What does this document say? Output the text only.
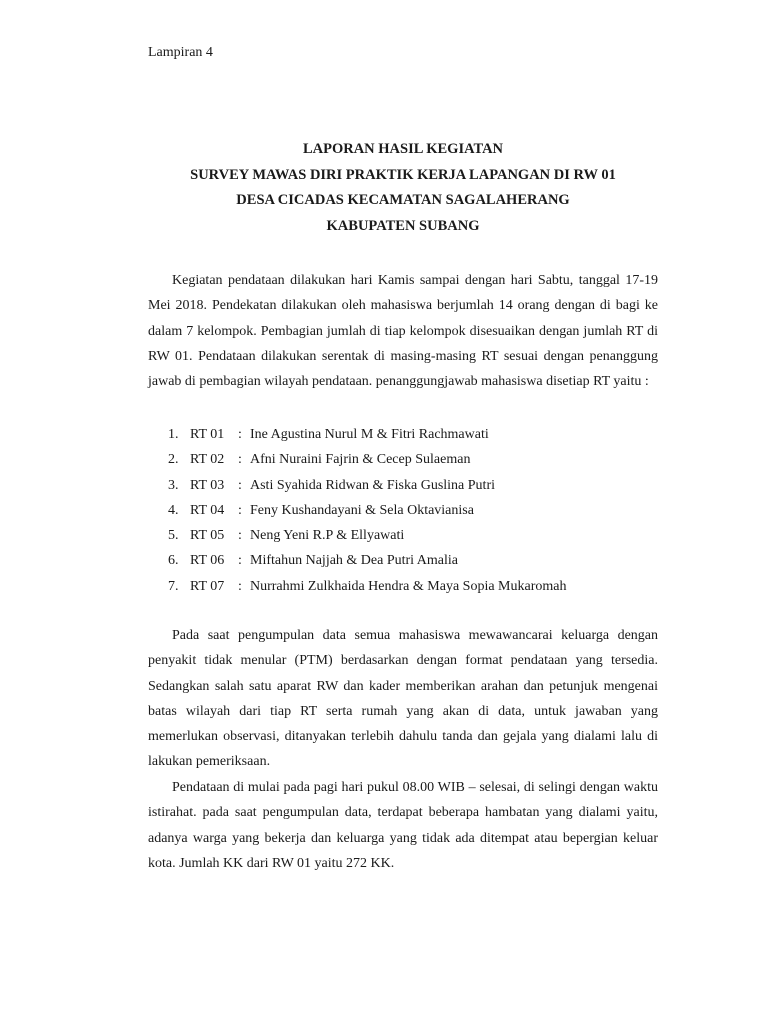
Lampiran 4
LAPORAN HASIL KEGIATAN
SURVEY MAWAS DIRI PRAKTIK KERJA LAPANGAN DI RW 01
DESA CICADAS KECAMATAN SAGALAHERANG
KABUPATEN SUBANG

Kegiatan pendataan dilakukan hari Kamis sampai dengan hari Sabtu, tanggal 17-19 Mei 2018. Pendekatan dilakukan oleh mahasiswa berjumlah 14 orang dengan di bagi ke dalam 7 kelompok. Pembagian jumlah di tiap kelompok disesuaikan dengan jumlah RT di RW 01. Pendataan dilakukan serentak di masing-masing RT sesuai dengan penanggung jawab di pembagian wilayah pendataan. penanggungjawab mahasiswa disetiap RT yaitu :

1. RT 01 : Ine Agustina Nurul M & Fitri Rachmawati
2. RT 02 : Afni Nuraini Fajrin & Cecep Sulaeman
3. RT 03 : Asti Syahida Ridwan & Fiska Guslina Putri
4. RT 04 : Feny Kushandayani & Sela Oktavianisa
5. RT 05 : Neng Yeni R.P & Ellyawati
6. RT 06 : Miftahun Najjah & Dea Putri Amalia
7. RT 07 : Nurrahmi Zulkhaida Hendra & Maya Sopia Mukaromah

Pada saat pengumpulan data semua mahasiswa mewawancarai keluarga dengan penyakit tidak menular (PTM) berdasarkan dengan format pendataan yang tersedia. Sedangkan salah satu aparat RW dan kader memberikan arahan dan petunjuk mengenai batas wilayah dari tiap RT serta rumah yang akan di data, untuk jawaban yang memerlukan observasi, ditanyakan terlebih dahulu tanda dan gejala yang dialami lalu di lakukan pemeriksaan.

Pendataan di mulai pada pagi hari pukul 08.00 WIB – selesai, di selingi dengan waktu istirahat. pada saat pengumpulan data, terdapat beberapa hambatan yang dialami yaitu, adanya warga yang bekerja dan keluarga yang tidak ada ditempat atau bepergian keluar kota. Jumlah KK dari RW 01 yaitu 272 KK.
